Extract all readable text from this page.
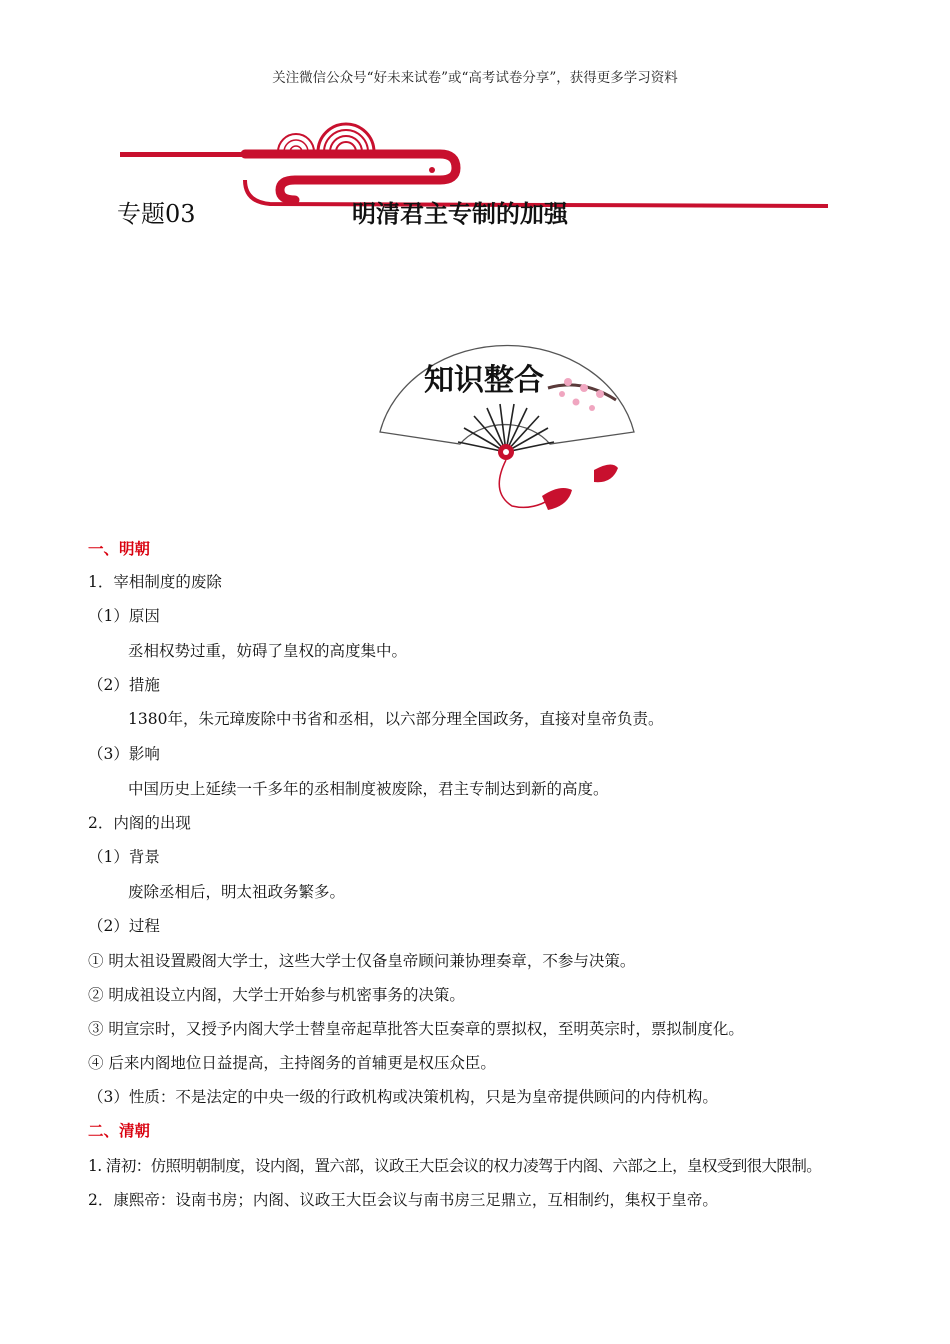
关注微信公众号“好未来试卷”或“高考试卷分享”，获得更多学习资料
专题03	明清君主专制的加强
知识整合
一、明朝
1．宰相制度的废除
（1）原因
丞相权势过重，妨碍了皇权的高度集中。
（2）措施
1380年，朱元璋废除中书省和丞相，以六部分理全国政务，直接对皇帝负责。
（3）影响
中国历史上延续一千多年的丞相制度被废除，君主专制达到新的高度。
2．内阁的出现
（1）背景
废除丞相后，明太祖政务繁多。
（2）过程
① 明太祖设置殿阁大学士，这些大学士仅备皇帝顾问兼协理奏章，不参与决策。
② 明成祖设立内阁，大学士开始参与机密事务的决策。
③ 明宣宗时，又授予内阁大学士替皇帝起草批答大臣奏章的票拟权，至明英宗时，票拟制度化。
④ 后来内阁地位日益提高，主持阁务的首辅更是权压众臣。
（3）性质：不是法定的中央一级的行政机构或决策机构，只是为皇帝提供顾问的内侍机构。
二、清朝
1. 清初：仿照明朝制度，设内阁，置六部，议政王大臣会议的权力凌驾于内阁、六部之上，皇权受到很大限制。
2．康熙帝：设南书房；内阁、议政王大臣会议与南书房三足鼎立，互相制约，集权于皇帝。
